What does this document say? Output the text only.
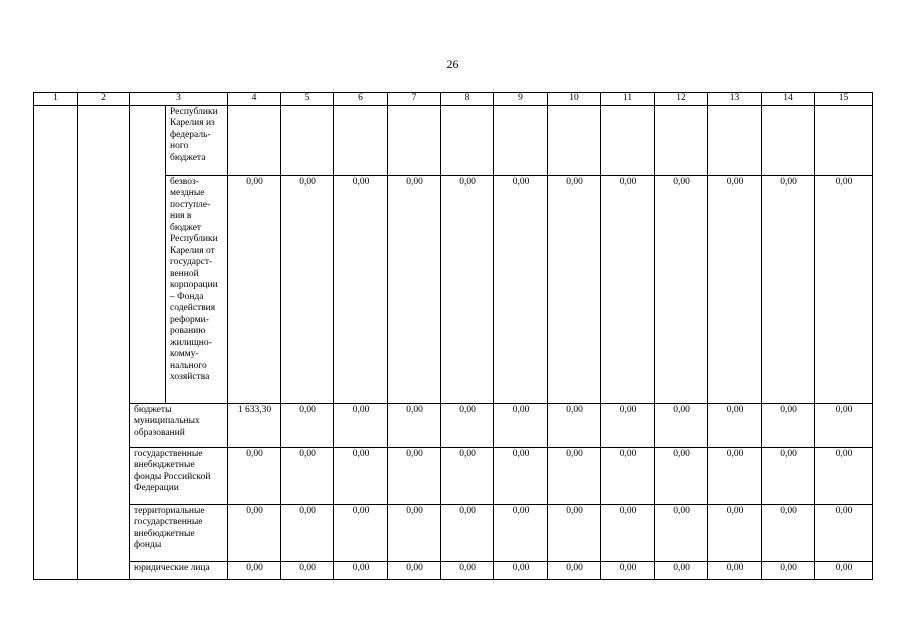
26
1	2	3		4	5	6	7	8	9	10	11	12	13	14	15
			Республики Карелия из федераль-ного бюджета												
			безвоз-мездные поступле-ния в бюджет Республики Карелия от государст-венной корпорации – Фонда содействия реформи-рованию жилищно-комму-нального хозяйства	0,00	0,00	0,00	0,00	0,00	0,00	0,00	0,00	0,00	0,00	0,00	0,00
		бюджеты муниципальных образований		1 633,30	0,00	0,00	0,00	0,00	0,00	0,00	0,00	0,00	0,00	0,00	0,00
		государственные внебюджетные фонды Российской Федерации		0,00	0,00	0,00	0,00	0,00	0,00	0,00	0,00	0,00	0,00	0,00	0,00
		территориальные государственные внебюджетные фонды		0,00	0,00	0,00	0,00	0,00	0,00	0,00	0,00	0,00	0,00	0,00	0,00
		юридические лица		0,00	0,00	0,00	0,00	0,00	0,00	0,00	0,00	0,00	0,00	0,00	0,00
